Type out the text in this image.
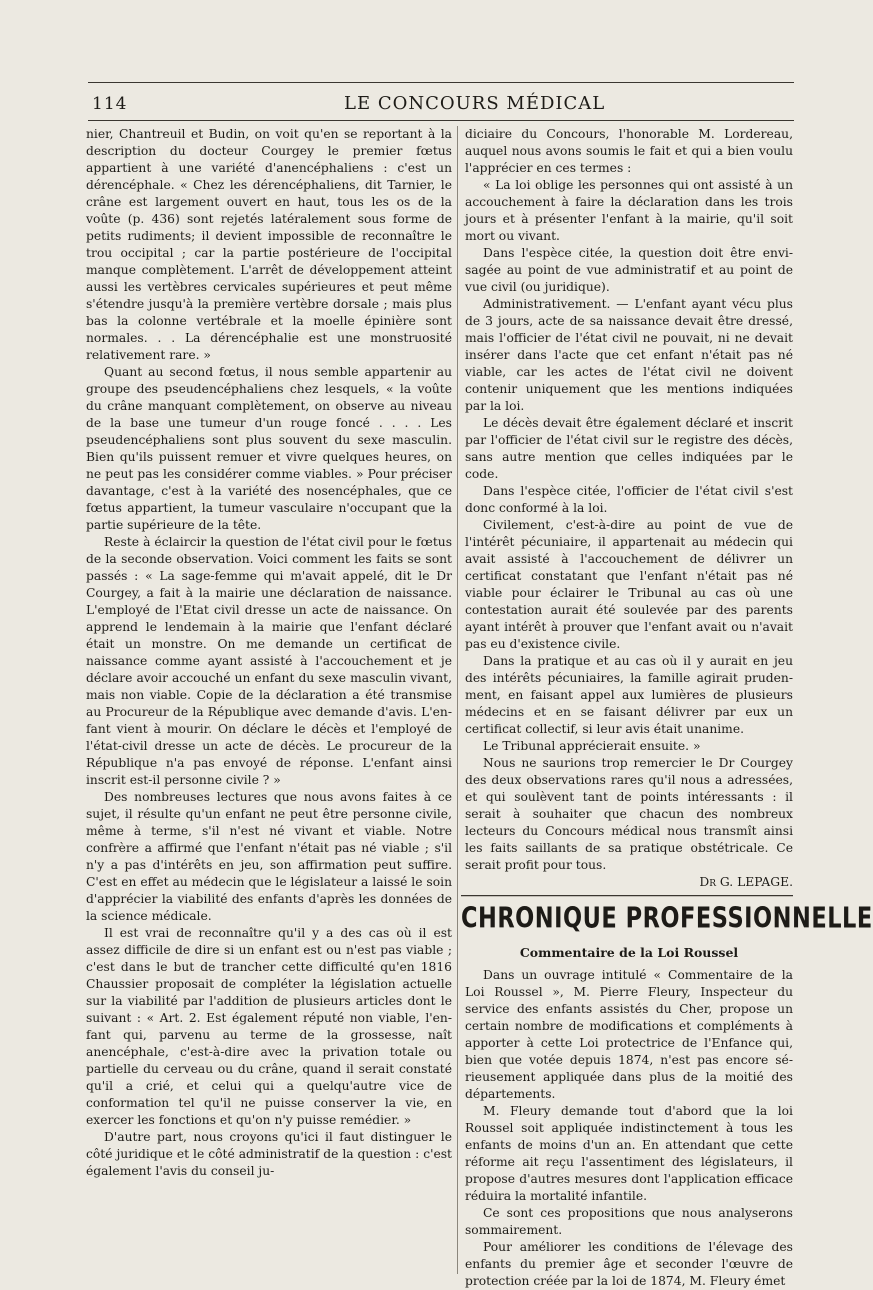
114	LE CONCOURS MÉDICAL

nier, Chantreuil et Budin, on voit qu'en se reportant à la description du docteur Courgey le premier fœtus appartient à une variété d'anencéphaliens : c'est un dérencéphale. « Chez les dérencéphaliens, dit Tarnier, le crâne est largement ouvert en haut, tous les os de la voûte (p. 436) sont rejetés latéralement sous forme de petits rudiments; il devient impossible de reconnaître le trou occipital ; car la partie postérieure de l'occipital manque complètement. L'arrêt de développement atteint aussi les vertèbres cervicales supérieures et peut même s'étendre jusqu'à la première vertèbre dorsale ; mais plus bas la colonne vertébrale et la moelle épinière sont normales. . . La dérencéphalie est une monstruosité relativement rare. »

Quant au second fœtus, il nous semble appartenir au groupe des pseudencéphaliens chez lesquels, « la voûte du crâne manquant complètement, on observe au niveau de la base une tumeur d'un rouge foncé . . . . Les pseudencéphaliens sont plus souvent du sexe masculin. Bien qu'ils puissent remuer et vivre quelques heures, on ne peut pas les considérer comme viables. » Pour préciser davantage, c'est à la variété des nosencéphales, que ce fœtus appartient, la tumeur vasculaire n'occupant que la partie supérieure de la tête.

Reste à éclaircir la question de l'état civil pour le fœtus de la seconde observation. Voici comment les faits se sont passés : « La sage-femme qui m'avait appelé, dit le Dr Courgey, a fait à la mairie une déclaration de naissance. L'employé de l'Etat civil dresse un acte de naissance. On apprend le lendemain à la mairie que l'enfant déclaré était un monstre. On me demande un certificat de naissance comme ayant assisté à l'accouchement et je déclare avoir accouché un enfant du sexe masculin vivant, mais non viable. Copie de la déclaration a été transmise au Procureur de la République avec demande d'avis. L'enfant vient à mourir. On déclare le décès et l'employé de l'état-civil dresse un acte de décès. Le procureur de la République n'a pas envoyé de réponse. L'enfant ainsi inscrit est-il personne civile ? »

Des nombreuses lectures que nous avons faites à ce sujet, il résulte qu'un enfant ne peut être personne civile, même à terme, s'il n'est né vivant et viable. Notre confrère a affirmé que l'enfant n'était pas né viable ; s'il n'y a pas d'intérêts en jeu, son affirmation peut suffire. C'est en effet au médecin que le législateur a laissé le soin d'apprécier la viabilité des enfants d'après les données de la science médicale.

Il est vrai de reconnaître qu'il y a des cas où il est assez difficile de dire si un enfant est ou n'est pas viable ; c'est dans le but de trancher cette difficulté qu'en 1816 Chaussier proposait de compléter la législation actuelle sur la viabilité par l'addition de plusieurs articles dont le suivant : « Art. 2. Est également réputé non viable, l'enfant qui, parvenu au terme de la grossesse, naît anencéphale, c'est-à-dire avec la privation totale ou partielle du cerveau ou du crâne, quand il serait constaté qu'il a crié, et celui qui a quelqu'autre vice de conformation tel qu'il ne puisse conserver la vie, en exercer les fonctions et qu'on n'y puisse remédier. »

D'autre part, nous croyons qu'ici il faut distinguer le côté juridique et le côté administratif de la question : c'est également l'avis du conseil ju-

diciaire du Concours, l'honorable M. Lordereau, auquel nous avons soumis le fait et qui a bien voulu l'apprécier en ces termes :

« La loi oblige les personnes qui ont assisté à un accouchement à faire la déclaration dans les trois jours et à présenter l'enfant à la mairie, qu'il soit mort ou vivant.

Dans l'espèce citée, la question doit être envisagée au point de vue administratif et au point de vue civil (ou juridique).

Administrativement. — L'enfant ayant vécu plus de 3 jours, acte de sa naissance devait être dressé, mais l'officier de l'état civil ne pouvait, ni ne devait insérer dans l'acte que cet enfant n'était pas né viable, car les actes de l'état civil ne doivent contenir uniquement que les mentions indiquées par la loi.

Le décès devait être également déclaré et inscrit par l'officier de l'état civil sur le registre des décès, sans autre mention que celles indiquées par le code.

Dans l'espèce citée, l'officier de l'état civil s'est donc conformé à la loi.

Civilement, c'est-à-dire au point de vue de l'intérêt pécuniaire, il appartenait au médecin qui avait assisté à l'accouchement de délivrer un certificat constatant que l'enfant n'était pas né viable pour éclairer le Tribunal au cas où une contestation aurait été soulevée par des parents ayant intérêt à prouver que l'enfant avait ou n'avait pas eu d'existence civile.

Dans la pratique et au cas où il y aurait en jeu des intérêts pécuniaires, la famille agirait prudenment, en faisant appel aux lumières de plusieurs médecins et en se faisant délivrer par eux un certificat collectif, si leur avis était unanime.

Le Tribunal apprécierait ensuite. »

Nous ne saurions trop remercier le Dr Courgey des deux observations rares qu'il nous a adressées, et qui soulèvent tant de points intéressants : il serait à souhaiter que chacun des nombreux lecteurs du Concours médical nous transmît ainsi les faits saillants de sa pratique obstétricale. Ce serait profit pour tous.

Dr G. LEPAGE.

CHRONIQUE PROFESSIONNELLE
Commentaire de la Loi Roussel

Dans un ouvrage intitulé « Commentaire de la Loi Roussel », M. Pierre Fleury, Inspecteur du service des enfants assistés du Cher, propose un certain nombre de modifications et compléments à apporter à cette Loi protectrice de l'Enfance qui, bien que votée depuis 1874, n'est pas encore sérieusement appliquée dans plus de la moitié des départements.

M. Fleury demande tout d'abord que la loi Roussel soit appliquée indistinctement à tous les enfants de moins d'un an. En attendant que cette réforme ait reçu l'assentiment des législateurs, il propose d'autres mesures dont l'application efficace réduira la mortalité infantile.

Ce sont ces propositions que nous analyserons sommairement.

Pour améliorer les conditions de l'élevage des enfants du premier âge et seconder l'œuvre de protection créée par la loi de 1874, M. Fleury émet
